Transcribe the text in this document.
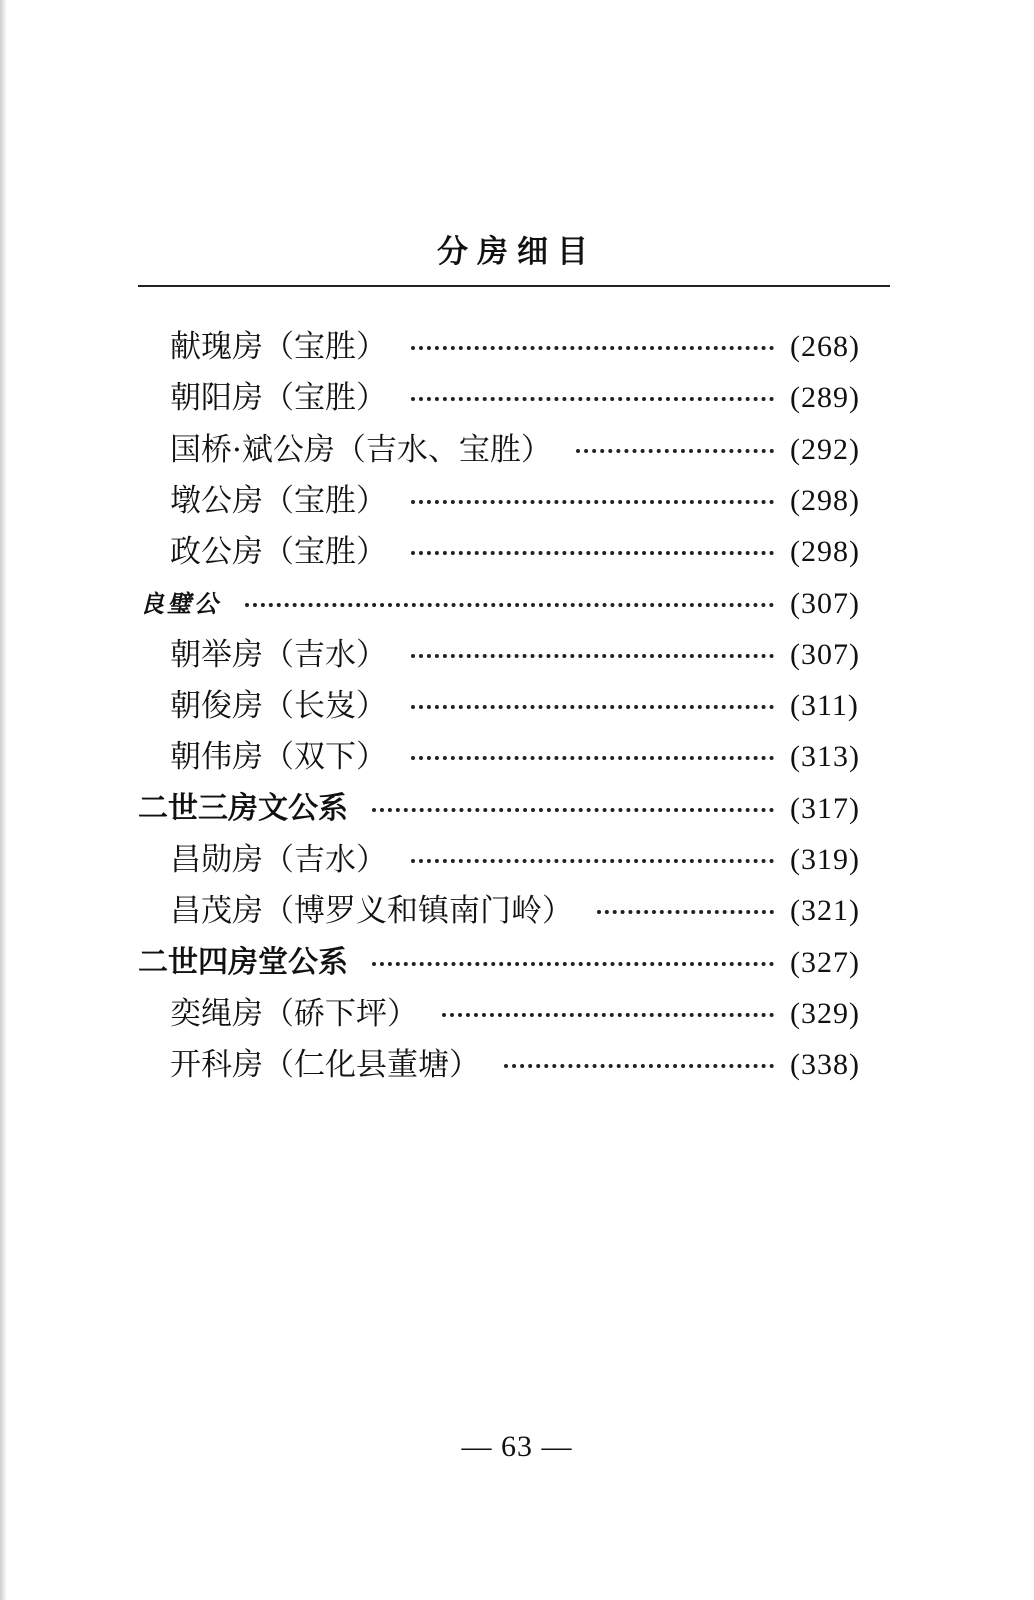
分房细目
献瑰房（宝胜）	(268)
朝阳房（宝胜）	(289)
国桥·斌公房（吉水、宝胜）	(292)
墩公房（宝胜）	(298)
政公房（宝胜）	(298)
良璧公	(307)
朝举房（吉水）	(307)
朝俊房（长岌）	(311)
朝伟房（双下）	(313)
二世三房文公系	(317)
昌勋房（吉水）	(319)
昌茂房（博罗义和镇南门岭）	(321)
二世四房堂公系	(327)
奕绳房（硚下坪）	(329)
开科房（仁化县董塘）	(338)
— 63 —
